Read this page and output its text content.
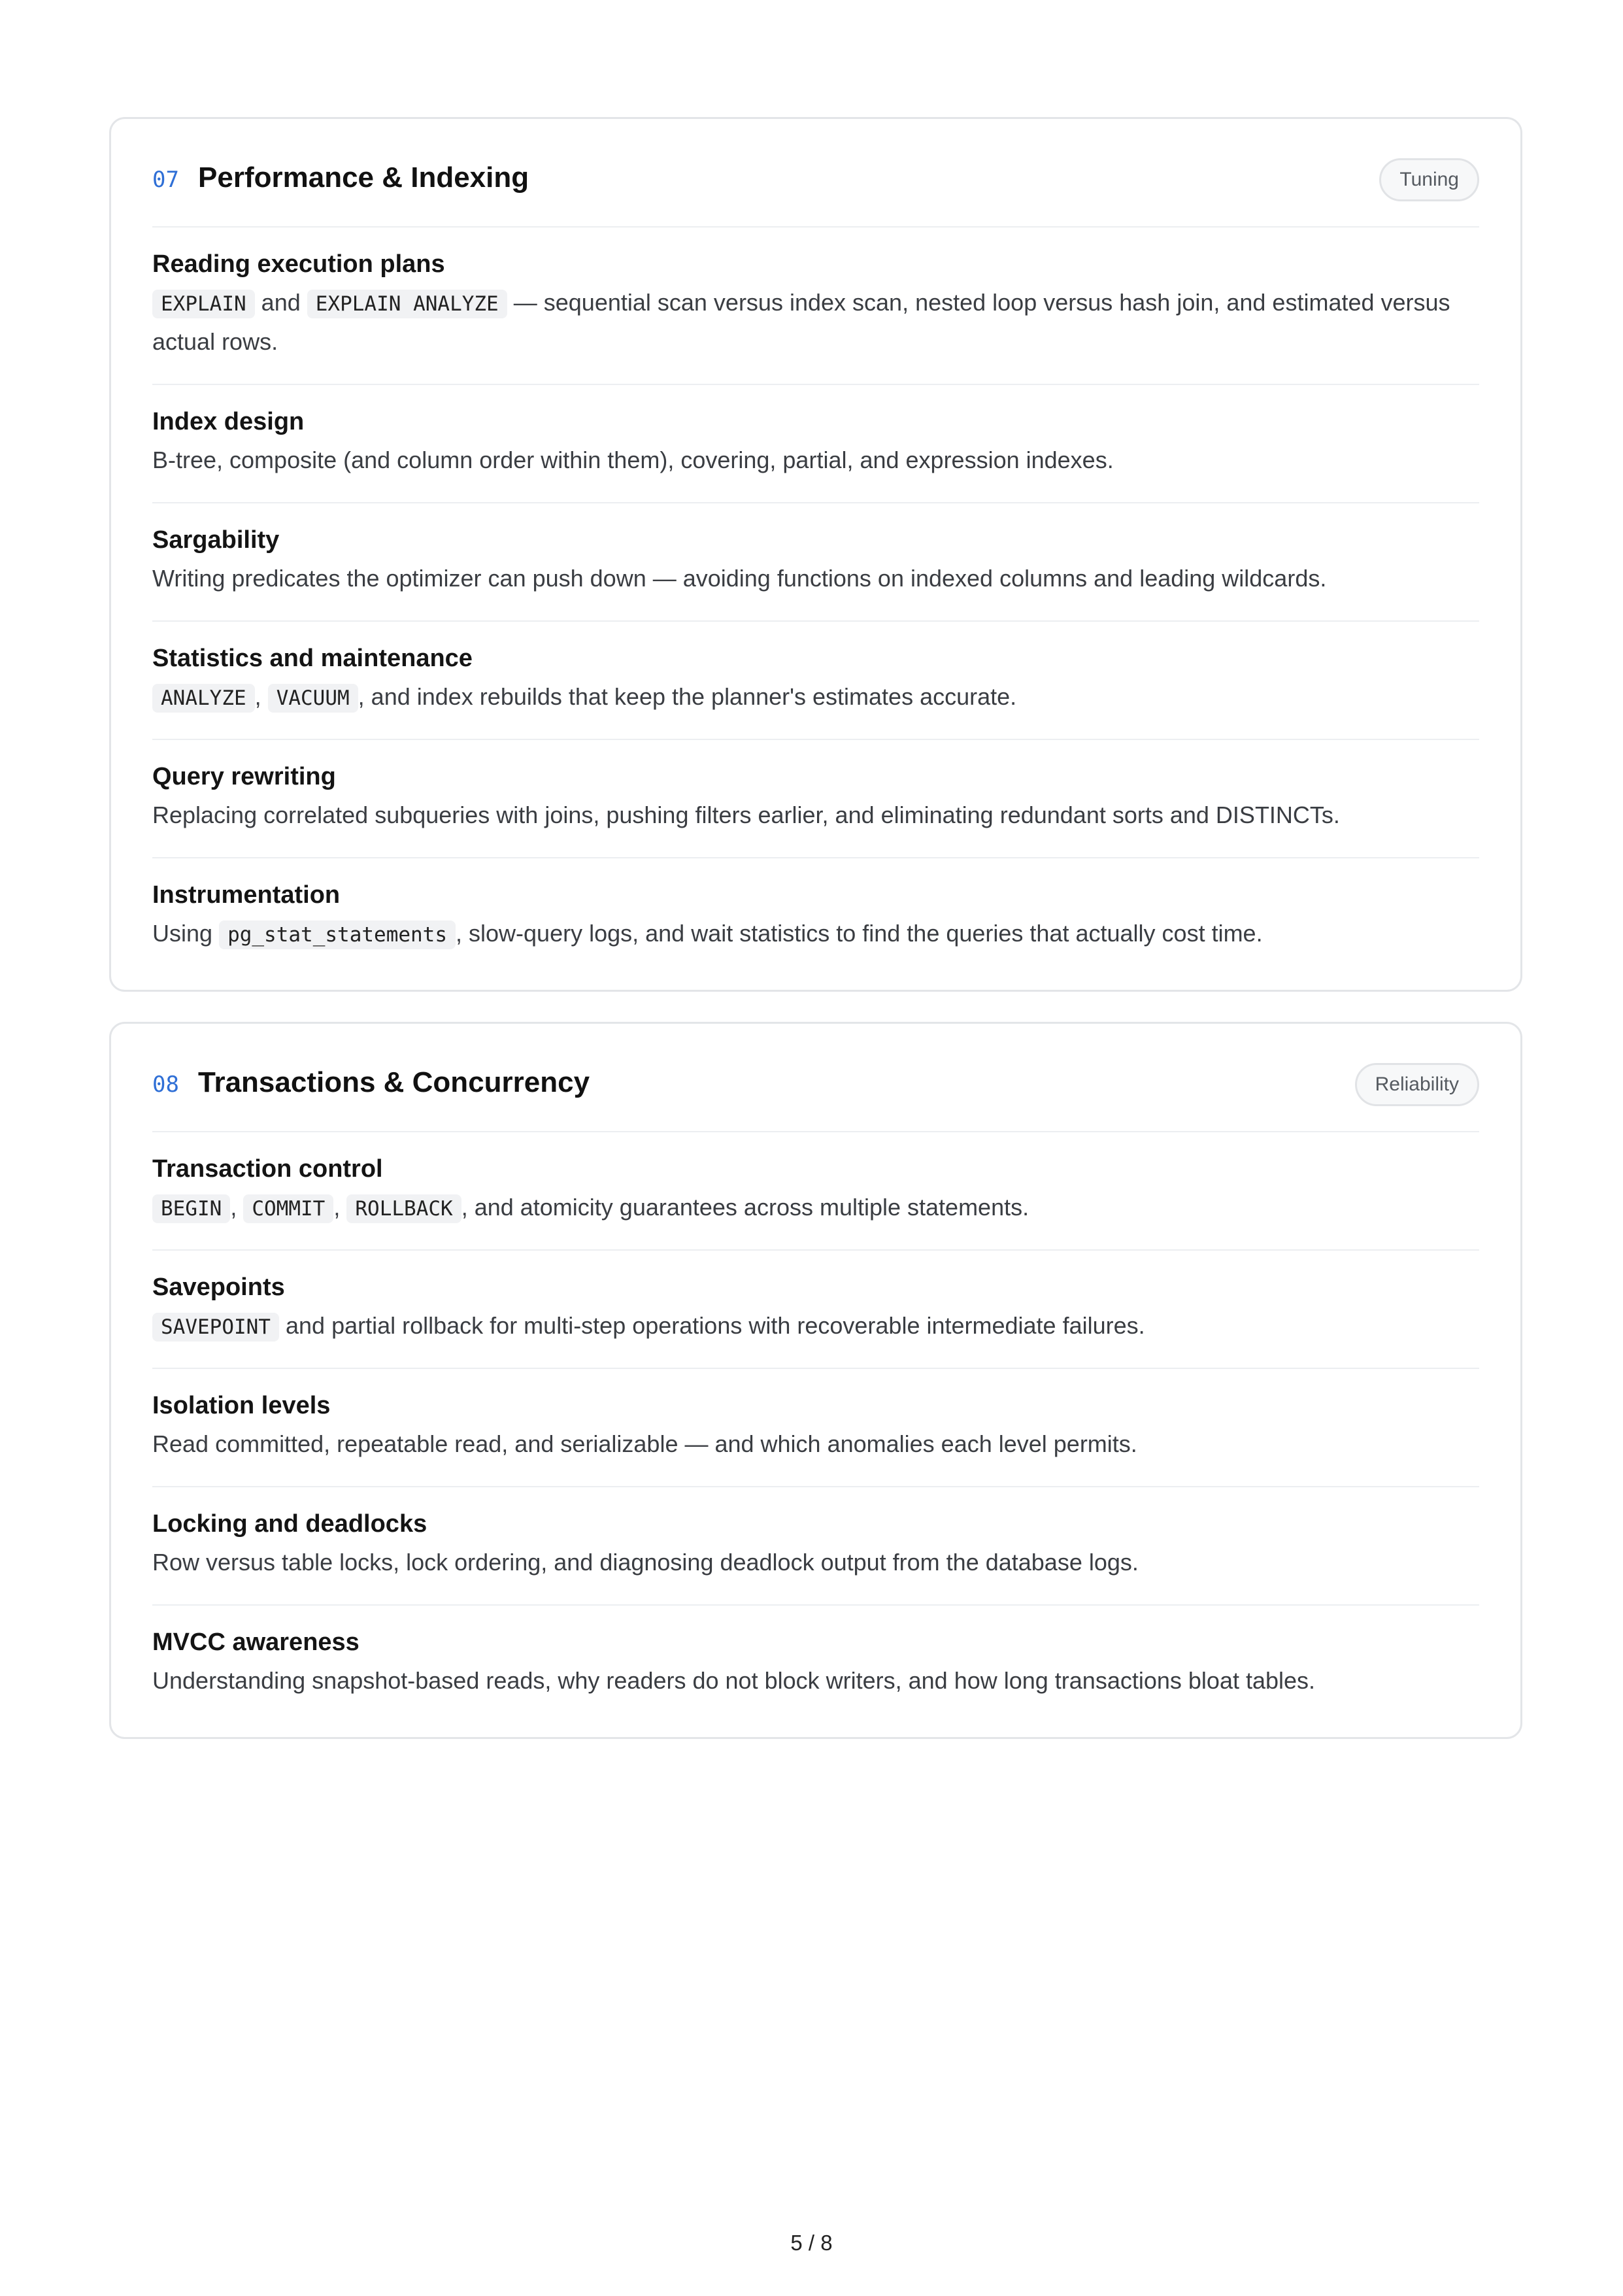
07 Performance & Indexing	Tuning
Reading execution plans
EXPLAIN and EXPLAIN ANALYZE — sequential scan versus index scan, nested loop versus hash join, and estimated versus actual rows.
Index design
B-tree, composite (and column order within them), covering, partial, and expression indexes.
Sargability
Writing predicates the optimizer can push down — avoiding functions on indexed columns and leading wildcards.
Statistics and maintenance
ANALYZE , VACUUM , and index rebuilds that keep the planner's estimates accurate.
Query rewriting
Replacing correlated subqueries with joins, pushing filters earlier, and eliminating redundant sorts and DISTINCTs.
Instrumentation
Using pg_stat_statements , slow-query logs, and wait statistics to find the queries that actually cost time.
08 Transactions & Concurrency	Reliability
Transaction control
BEGIN , COMMIT , ROLLBACK , and atomicity guarantees across multiple statements.
Savepoints
SAVEPOINT and partial rollback for multi-step operations with recoverable intermediate failures.
Isolation levels
Read committed, repeatable read, and serializable — and which anomalies each level permits.
Locking and deadlocks
Row versus table locks, lock ordering, and diagnosing deadlock output from the database logs.
MVCC awareness
Understanding snapshot-based reads, why readers do not block writers, and how long transactions bloat tables.
5 / 8
